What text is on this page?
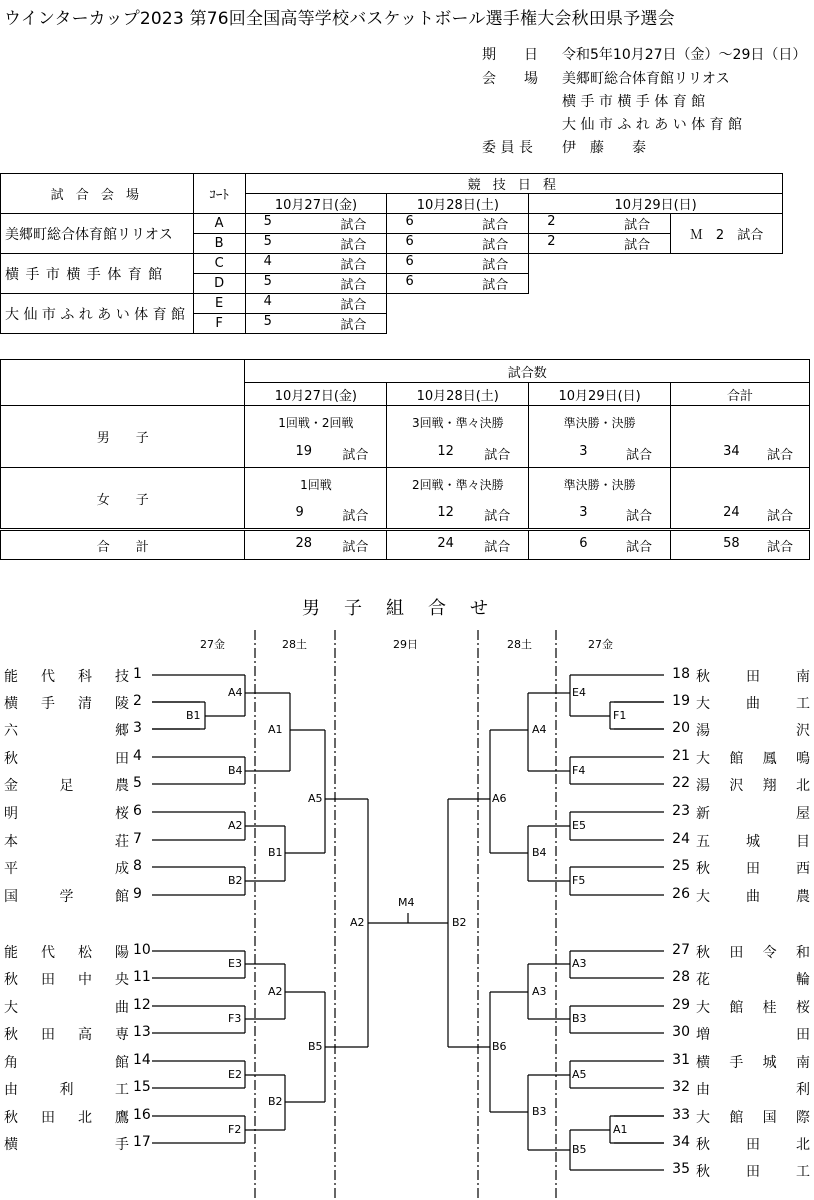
ウインターカップ2023 第76回全国高等学校バスケットボール選手権大会秋田県予選会
期　　日 令和5年10月27日（金）～29日（日）
会　　場 美郷町総合体育館リリオス
横 手 市 横 手 体 育 館
大 仙 市 ふ れ あ い 体 育 館
委 員 長 伊　藤　　泰
試 合 会 場	ｺｰﾄ	競 技 日 程			
		10月27日(金)	10月28日(土)	10月29日(日)	
美郷町総合体育館リリオス	A	5 試合	6 試合	2 試合	Ｍ　2　試合
	B	5 試合	6 試合	2 試合	

横 手 市 横 手 体 育 館	C	4 試合	6 試合		

	D	5 試合	6 試合		

大 仙 市 ふ れ あ い 体 育 館	E	4 試合			

	F	5 試合			
	試合数			
	10月27日(金)	10月28日(土)	10月29日(日)	合計
男　　子	1回戦・2回戦	3回戦・準々決勝	準決勝・決勝	

	19 試合	12 試合	3 試合	34 試合

女　　子	1回戦	2回戦・準々決勝	準決勝・決勝	

	9 試合	12 試合	3 試合	24 試合

合　　計	28 試合	24 試合	6 試合	58 試合
男子組合せ
27金	28土	29日	28土	27金
能 代 科 技 1
横 手 清 陵 2
六	郷 3
秋	田 4
金	足	農 5
明	桜 6
本	荘 7
平	成 8
国	学	館 9
能 代 松 陽 10
秋 田 中 央 11
大	曲 12
秋 田 高 専 13
角	館 14
由	利	工 15
秋 田 北 鷹 16
横	手 17
18 秋	田	南
19 大	曲	工
20 湯	沢
21 大 館 鳳 鳴
22 湯 沢 翔 北
23 新	屋
24 五	城	目
25 秋	田	西
26 大	曲	農
27 秋 田 令 和
28 花	輪
29 大 館 桂 桜
30 増	田
31 横 手 城 南
32 由	利
33 大 館 国 際
34 秋	田	北
35 秋	田	工
B1
A4
B4
A1
A2
B2
B1
A5
E3
F3
A2
E2
F2
B2
B5
A2
M4
F1
E4
F4
A4
E5
F5
B4
A6
A3
B3
A3
A5
A1
B5
B3
B6
B2
